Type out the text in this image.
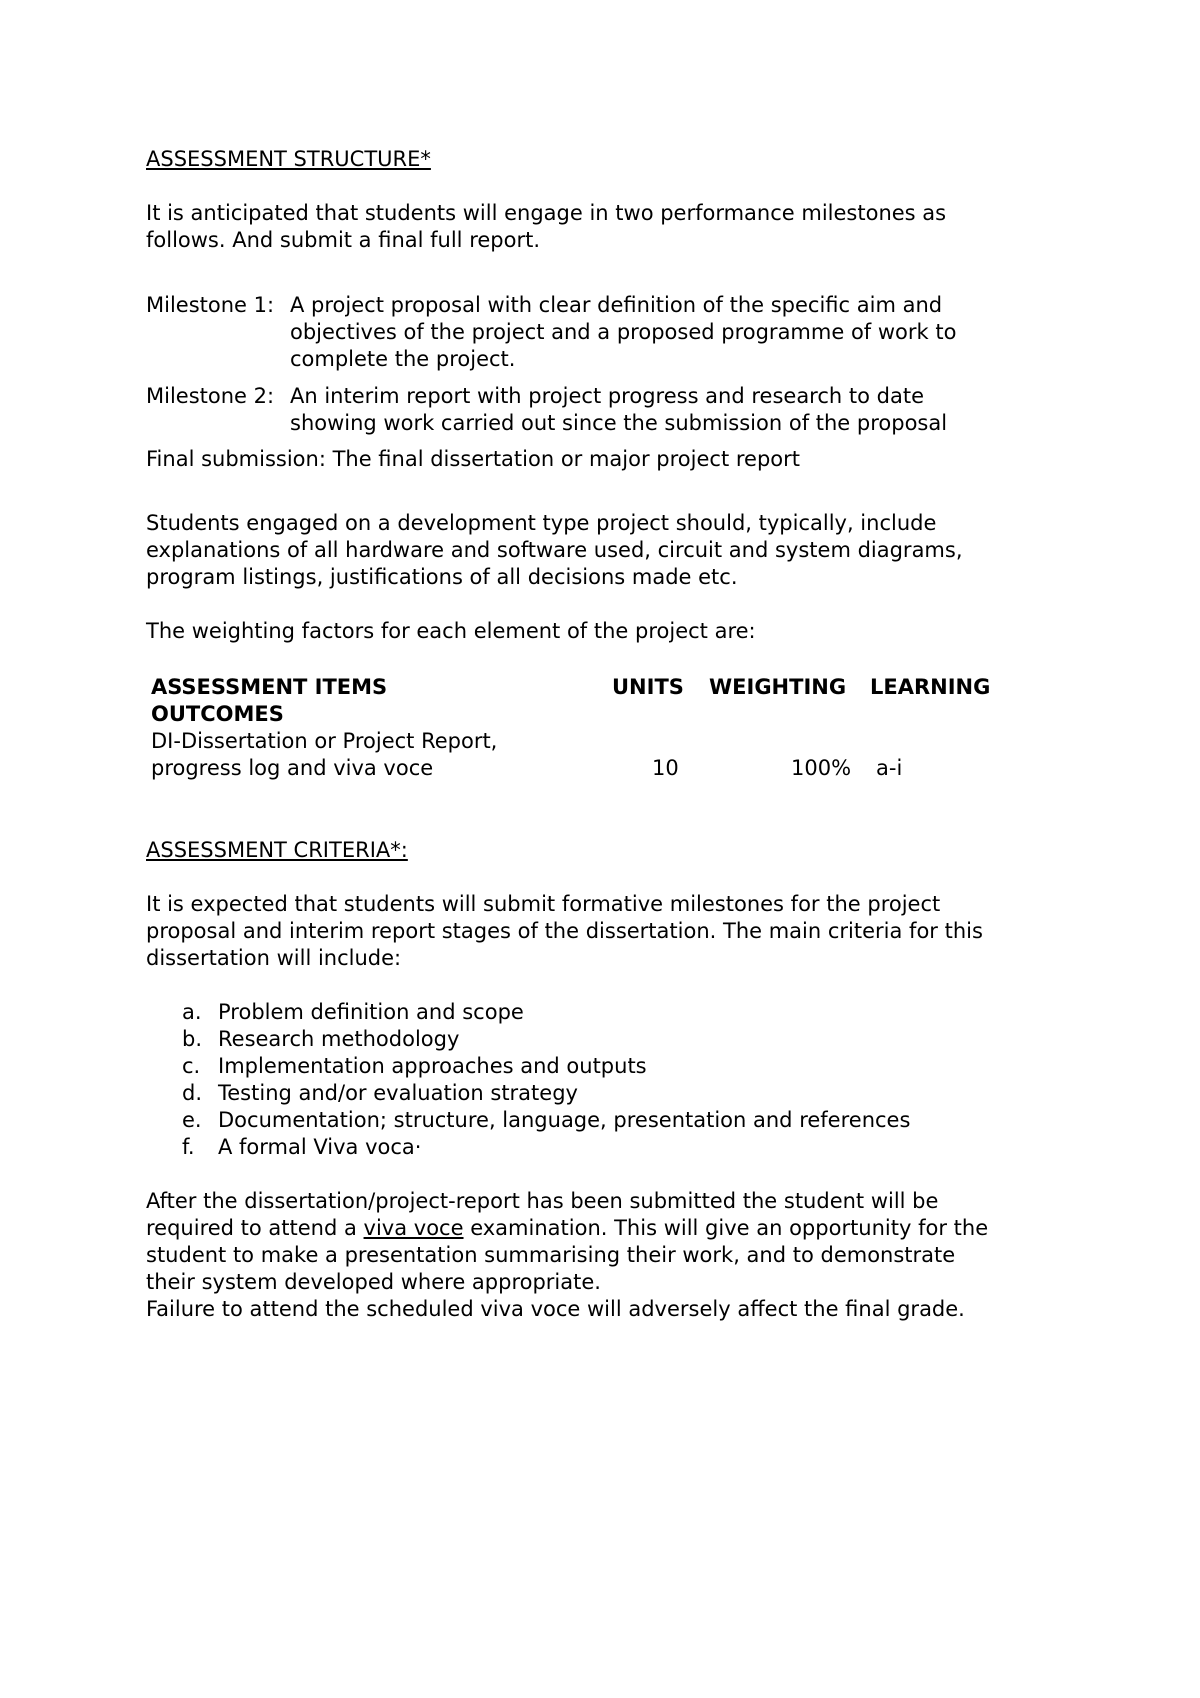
ASSESSMENT STRUCTURE*
It is anticipated that students will engage in two performance milestones as
follows. And submit a final full report.
Milestone 1: A project proposal with clear definition of the specific aim and
objectives of the project and a proposed programme of work to
complete the project.
Milestone 2: An interim report with project progress and research to date
showing work carried out since the submission of the proposal
Final submission: The final dissertation or major project report
Students engaged on a development type project should, typically, include
explanations of all hardware and software used, circuit and system diagrams,
program listings, justifications of all decisions made etc.
The weighting factors for each element of the project are:
ASSESSMENT ITEMS	UNITS WEIGHTING LEARNING
OUTCOMES
DI-Dissertation or Project Report,
progress log and viva voce	10	100% a-i
ASSESSMENT CRITERIA*:
It is expected that students will submit formative milestones for the project
proposal and interim report stages of the dissertation. The main criteria for this
dissertation will include:
a. Problem definition and scope
b. Research methodology
c. Implementation approaches and outputs
d. Testing and/or evaluation strategy
e. Documentation; structure, language, presentation and references
f. A formal Viva voca·
After the dissertation/project-report has been submitted the student will be
required to attend a viva voce examination. This will give an opportunity for the
student to make a presentation summarising their work, and to demonstrate
their system developed where appropriate.
Failure to attend the scheduled viva voce will adversely affect the final grade.
